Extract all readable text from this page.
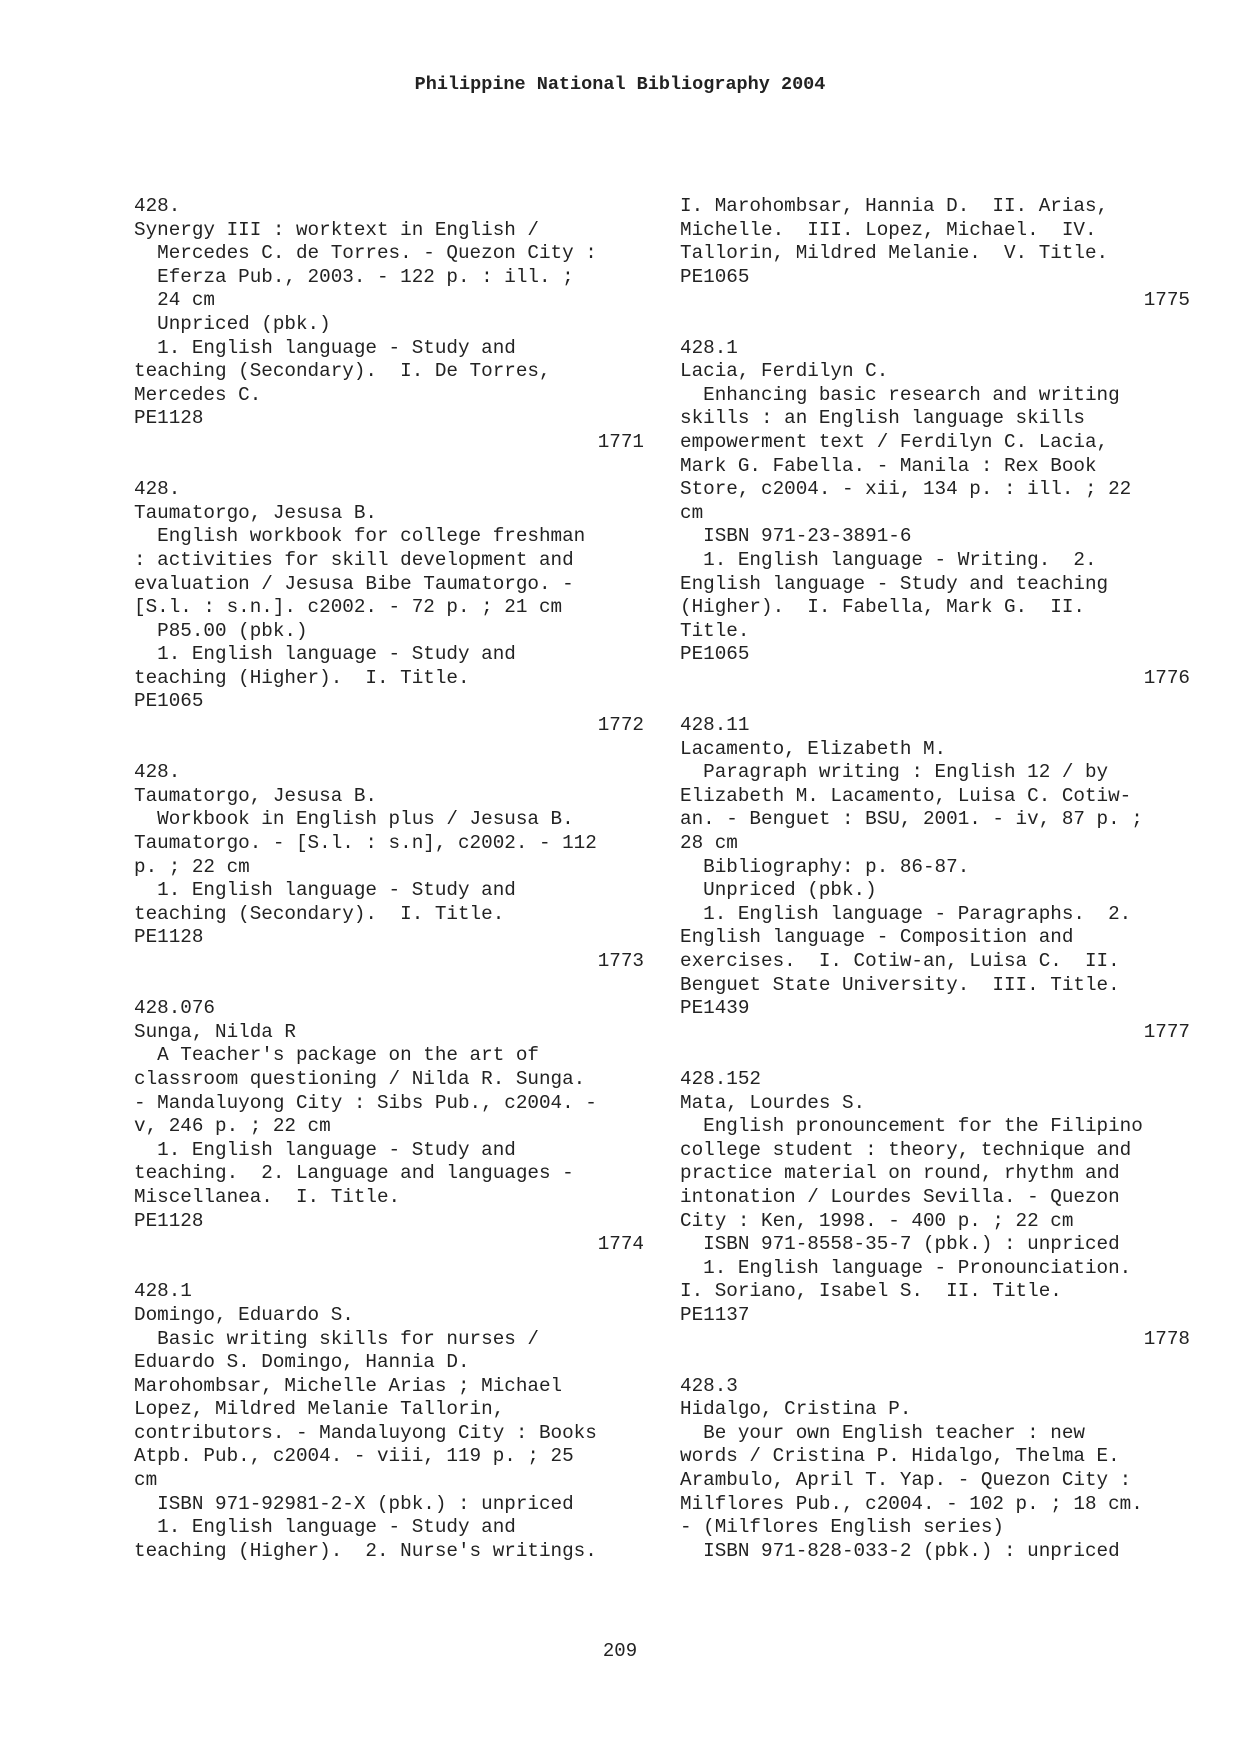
Philippine National Bibliography 2004
428.
Synergy III : worktext in English /
Mercedes C. de Torres. - Quezon City :
Eferza Pub., 2003. - 122 p. : ill. ;
24 cm
Unpriced (pbk.)
1. English language - Study and
teaching (Secondary).  I. De Torres,
Mercedes C.
PE1128
1771
428.
Taumatorgo, Jesusa B.
English workbook for college freshman
: activities for skill development and
evaluation / Jesusa Bibe Taumatorgo. -
[S.l. : s.n.]. c2002. - 72 p. ; 21 cm
P85.00 (pbk.)
1. English language - Study and
teaching (Higher).  I. Title.
PE1065
1772
428.
Taumatorgo, Jesusa B.
Workbook in English plus / Jesusa B.
Taumatorgo. - [S.l. : s.n], c2002. - 112
p. ; 22 cm
1. English language - Study and
teaching (Secondary).  I. Title.
PE1128
1773
428.076
Sunga, Nilda R
A Teacher's package on the art of
classroom questioning / Nilda R. Sunga.
- Mandaluyong City : Sibs Pub., c2004. -
v, 246 p. ; 22 cm
1. English language - Study and
teaching.  2. Language and languages -
Miscellanea.  I. Title.
PE1128
1774
428.1
Domingo, Eduardo S.
Basic writing skills for nurses /
Eduardo S. Domingo, Hannia D.
Marohombsar, Michelle Arias ; Michael
Lopez, Mildred Melanie Tallorin,
contributors. - Mandaluyong City : Books
Atpb. Pub., c2004. - viii, 119 p. ; 25
cm
ISBN 971-92981-2-X (pbk.) : unpriced
1. English language - Study and
teaching (Higher).  2. Nurse's writings.
I. Marohombsar, Hannia D.  II. Arias,
Michelle.  III. Lopez, Michael.  IV.
Tallorin, Mildred Melanie.  V. Title.
PE1065
1775
428.1
Lacia, Ferdilyn C.
Enhancing basic research and writing
skills : an English language skills
empowerment text / Ferdilyn C. Lacia,
Mark G. Fabella. - Manila : Rex Book
Store, c2004. - xii, 134 p. : ill. ; 22
cm
ISBN 971-23-3891-6
1. English language - Writing.  2.
English language - Study and teaching
(Higher).  I. Fabella, Mark G.  II.
Title.
PE1065
1776
428.11
Lacamento, Elizabeth M.
Paragraph writing : English 12 / by
Elizabeth M. Lacamento, Luisa C. Cotiw-
an. - Benguet : BSU, 2001. - iv, 87 p. ;
28 cm
Bibliography: p. 86-87.
Unpriced (pbk.)
1. English language - Paragraphs.  2.
English language - Composition and
exercises.  I. Cotiw-an, Luisa C.  II.
Benguet State University.  III. Title.
PE1439
1777
428.152
Mata, Lourdes S.
English pronouncement for the Filipino
college student : theory, technique and
practice material on round, rhythm and
intonation / Lourdes Sevilla. - Quezon
City : Ken, 1998. - 400 p. ; 22 cm
ISBN 971-8558-35-7 (pbk.) : unpriced
1. English language - Pronounciation.
I. Soriano, Isabel S.  II. Title.
PE1137
1778
428.3
Hidalgo, Cristina P.
Be your own English teacher : new
words / Cristina P. Hidalgo, Thelma E.
Arambulo, April T. Yap. - Quezon City :
Milflores Pub., c2004. - 102 p. ; 18 cm.
- (Milflores English series)
ISBN 971-828-033-2 (pbk.) : unpriced
209
